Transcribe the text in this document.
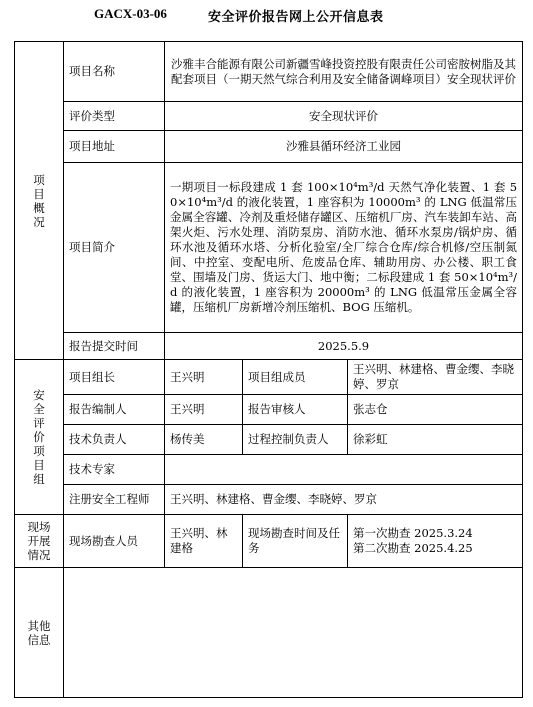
GACX-03-06	安全评价报告网上公开信息表
项目概况	项目名称	沙雅丰合能源有限公司新疆雪峰投资控股有限责任公司密胺树脂及其配套项目（一期天然气综合利用及安全储备调峰项目）安全现状评价		
	评价类型	安全现状评价		
	项目地址	沙雅县循环经济工业园		
	项目简介	一期项目一标段建成 1 套 100×10⁴m³/d 天然气净化装置、1 套 50×10⁴m³/d 的液化装置，1 座容积为 10000m³ 的 LNG 低温常压金属全容罐、冷剂及重烃储存罐区、压缩机厂房、汽车装卸车站、高架火炬、污水处理、消防泵房、消防水池、循环水泵房/锅炉房、循环水池及循环水塔、分析化验室/全厂综合仓库/综合机修/空压制氮间、中控室、变配电所、危废品仓库、辅助用房、办公楼、职工食堂、围墙及门房、货运大门、地中衡；二标段建成 1 套 50×10⁴m³/d 的液化装置，1 座容积为 20000m³ 的 LNG 低温常压金属全容罐，压缩机厂房新增冷剂压缩机、BOG 压缩机。		
	报告提交时间	2025.5.9		
安全评价项目组	项目组长	王兴明	项目组成员	王兴明、林建格、曹金缨、李晓婷、罗京
	报告编制人	王兴明	报告审核人	张志仓
	技术负责人	杨传美	过程控制负责人	徐彩虹
	技术专家			
	注册安全工程师	王兴明、林建格、曹金缨、李晓婷、罗京		
现场开展情况	现场勘查人员	王兴明、林建格	现场勘查时间及任务	第一次勘查 2025.3.24
第二次勘查 2025.4.25

其他信息				
